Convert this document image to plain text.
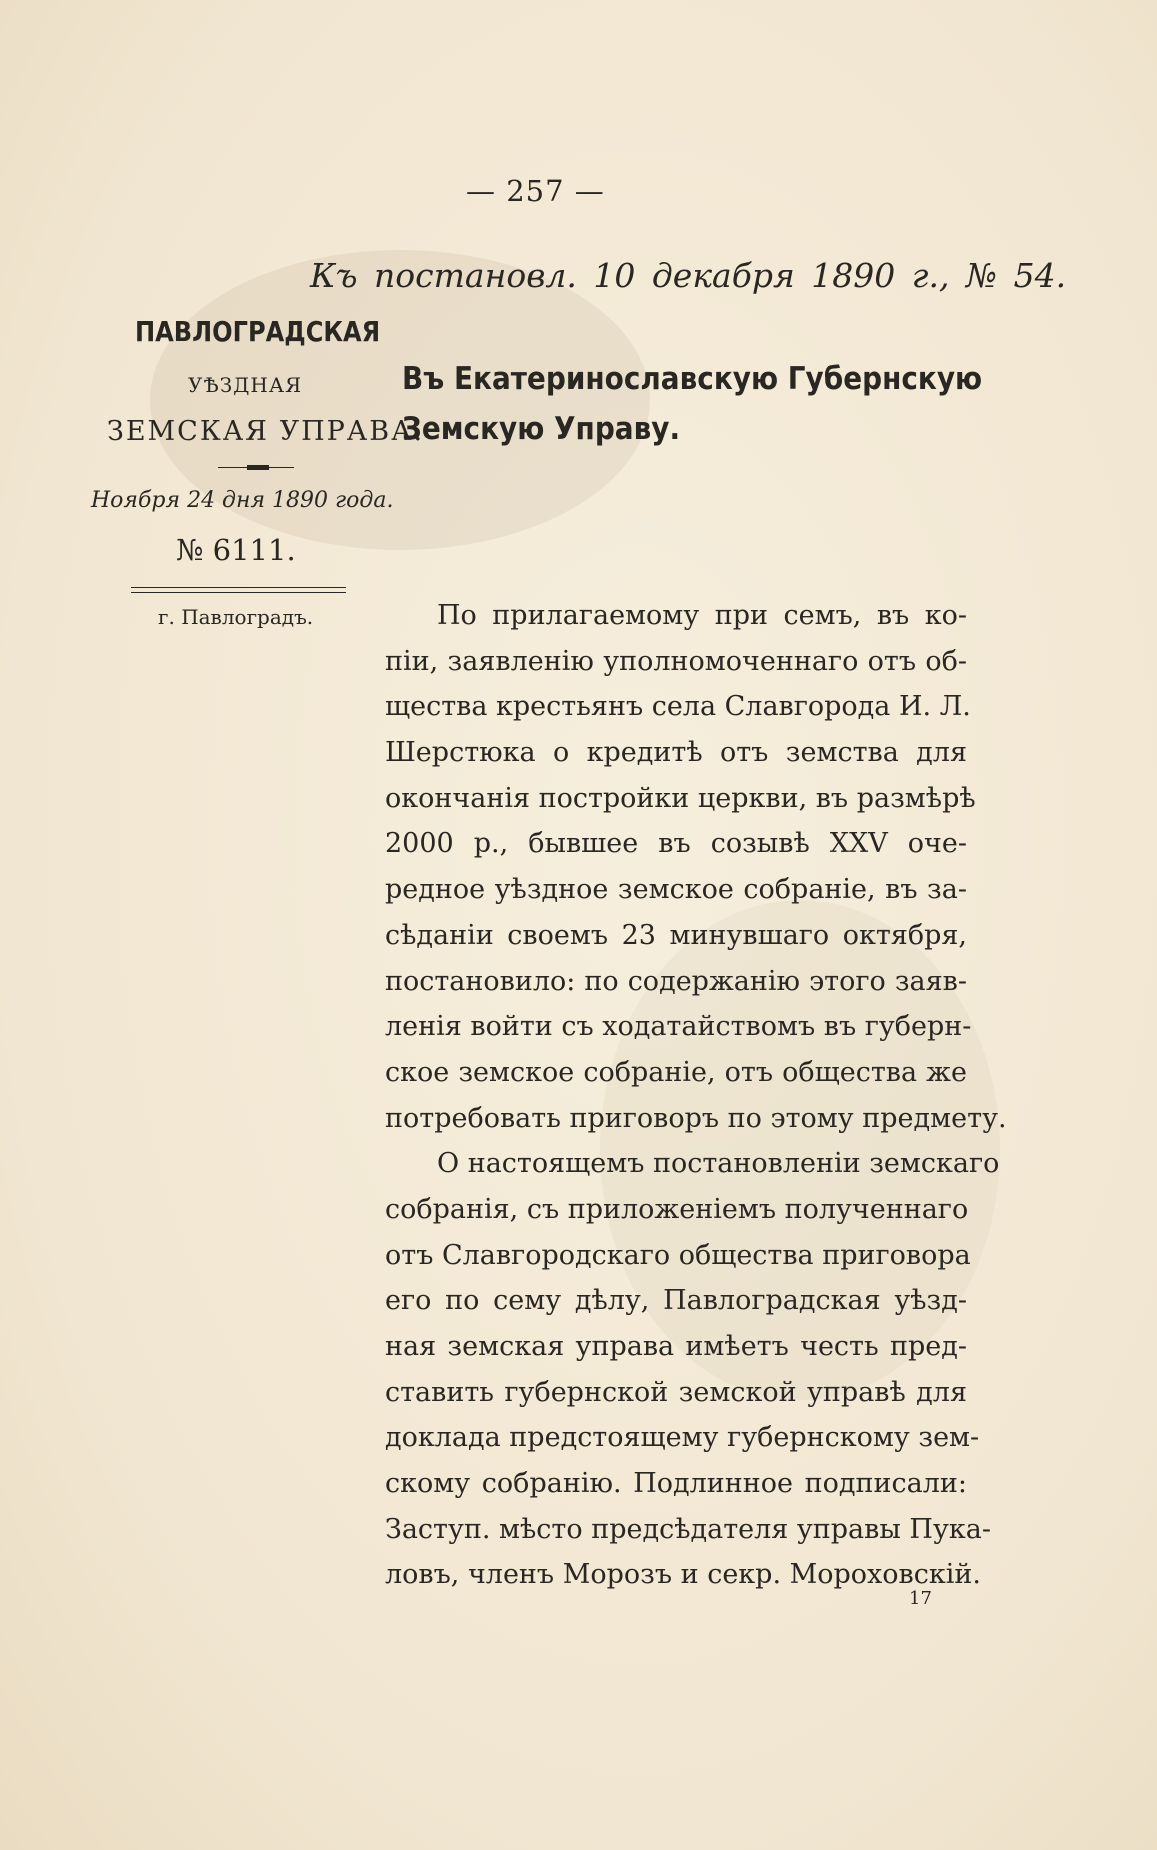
— 257 —
Къ постановл. 10 декабря 1890 г., № 54.
ПАВЛОГРАДСКАЯ
УѢЗДНАЯ
ЗЕМСКАЯ УПРАВА.
Въ Екатеринославскую Губернскую
Земскую Управу.
Ноября 24 дня 1890 года.
№ 6111.
г. Павлоградъ.	По прилагаемому при семъ, въ ко-
піи, заявленію уполномоченнаго отъ об-
щества крестьянъ села Славгорода И. Л.
Шерстюка о кредитѣ отъ земства для
окончанія постройки церкви, въ размѣрѣ
2000 р., бывшее въ созывѣ XXV оче-
редное уѣздное земское собраніе, въ за-
сѣданіи своемъ 23 минувшаго октября,
постановило: по содержанію этого заяв-
ленія войти съ ходатайствомъ въ губерн-
ское земское собраніе, отъ общества же
потребовать приговоръ по этому предмету.
О настоящемъ постановленіи земскаго
собранія, съ приложеніемъ полученнаго
отъ Славгородскаго общества приговора
его по сему дѣлу, Павлоградская уѣзд-
ная земская управа имѣетъ честь пред-
ставить губернской земской управѣ для
доклада предстоящему губернскому зем-
скому собранію. Подлинное подписали:
Заступ. мѣсто предсѣдателя управы Пука-
ловъ, членъ Морозъ и секр. Мороховскій.
17
